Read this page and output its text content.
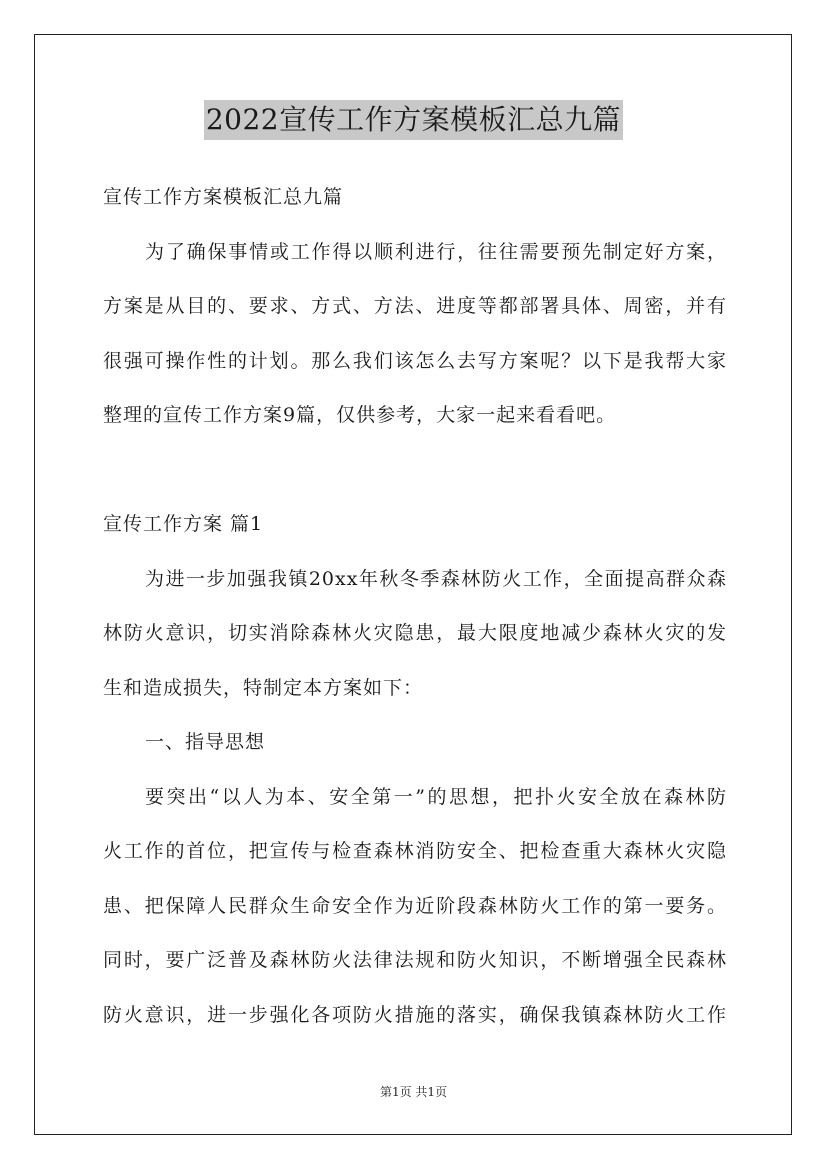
2022宣传工作方案模板汇总九篇
宣传工作方案模板汇总九篇
为了确保事情或工作得以顺利进行，往往需要预先制定好方案，
方案是从目的、要求、方式、方法、进度等都部署具体、周密，并有
很强可操作性的计划。那么我们该怎么去写方案呢？以下是我帮大家
整理的宣传工作方案9篇，仅供参考，大家一起来看看吧。
宣传工作方案 篇1
为进一步加强我镇20xx年秋冬季森林防火工作，全面提高群众森
林防火意识，切实消除森林火灾隐患，最大限度地减少森林火灾的发
生和造成损失，特制定本方案如下：
一、指导思想
要突出“以人为本、安全第一”的思想，把扑火安全放在森林防
火工作的首位，把宣传与检查森林消防安全、把检查重大森林火灾隐
患、把保障人民群众生命安全作为近阶段森林防火工作的第一要务。
同时，要广泛普及森林防火法律法规和防火知识，不断增强全民森林
防火意识，进一步强化各项防火措施的落实，确保我镇森林防火工作
第1页 共1页
